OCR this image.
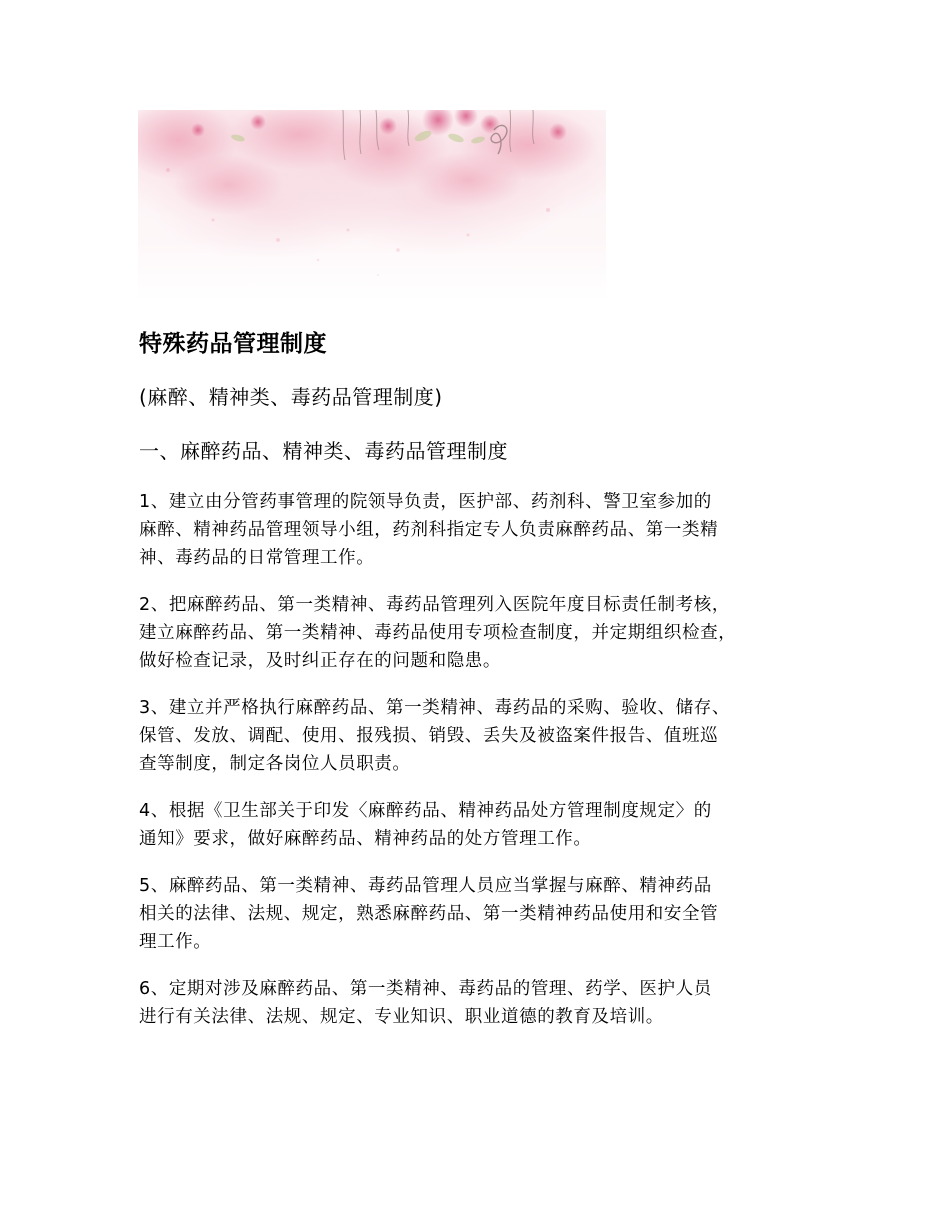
特殊药品管理制度
(麻醉、精神类、毒药品管理制度)
一、麻醉药品、精神类、毒药品管理制度
1、建立由分管药事管理的院领导负责，医护部、药剂科、警卫室参加的
麻醉、精神药品管理领导小组，药剂科指定专人负责麻醉药品、第一类精
神、毒药品的日常管理工作。
2、把麻醉药品、第一类精神、毒药品管理列入医院年度目标责任制考核，
建立麻醉药品、第一类精神、毒药品使用专项检查制度，并定期组织检查，
做好检查记录，及时纠正存在的问题和隐患。
3、建立并严格执行麻醉药品、第一类精神、毒药品的采购、验收、储存、
保管、发放、调配、使用、报残损、销毁、丢失及被盗案件报告、值班巡
查等制度，制定各岗位人员职责。
4、根据《卫生部关于印发〈麻醉药品、精神药品处方管理制度规定〉的
通知》要求，做好麻醉药品、精神药品的处方管理工作。
5、麻醉药品、第一类精神、毒药品管理人员应当掌握与麻醉、精神药品
相关的法律、法规、规定，熟悉麻醉药品、第一类精神药品使用和安全管
理工作。
6、定期对涉及麻醉药品、第一类精神、毒药品的管理、药学、医护人员
进行有关法律、法规、规定、专业知识、职业道德的教育及培训。
